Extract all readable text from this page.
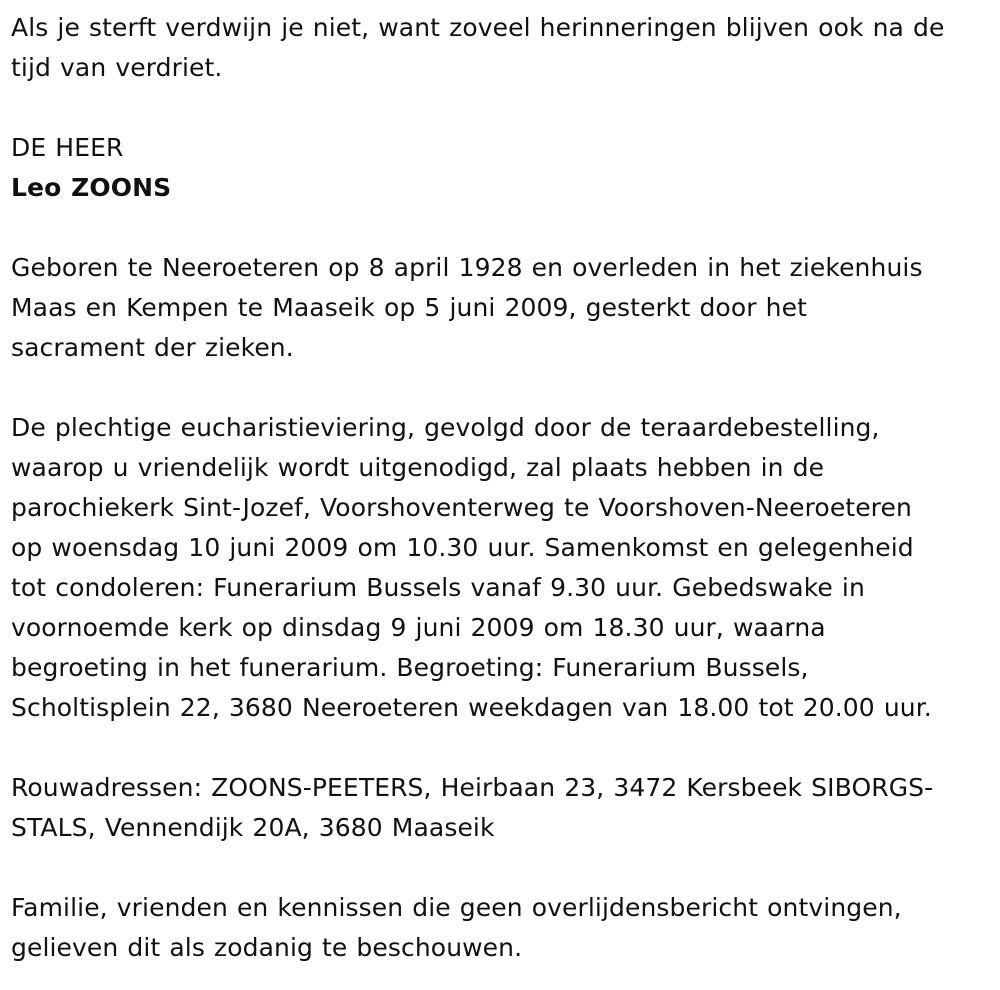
Als je sterft verdwijn je niet, want zoveel herinneringen blijven ook na de
tijd van verdriet.

DE HEER

Leo ZOONS

Geboren te Neeroeteren op 8 april 1928 en overleden in het ziekenhuis
Maas en Kempen te Maaseik op 5 juni 2009, gesterkt door het
sacrament der zieken.

De plechtige eucharistieviering, gevolgd door de teraardebestelling,
waarop u vriendelijk wordt uitgenodigd, zal plaats hebben in de
parochiekerk Sint-Jozef, Voorshoventerweg te Voorshoven-Neeroeteren
op woensdag 10 juni 2009 om 10.30 uur. Samenkomst en gelegenheid
tot condoleren: Funerarium Bussels vanaf 9.30 uur. Gebedswake in
voornoemde kerk op dinsdag 9 juni 2009 om 18.30 uur, waarna
begroeting in het funerarium. Begroeting: Funerarium Bussels,
Scholtisplein 22, 3680 Neeroeteren weekdagen van 18.00 tot 20.00 uur.

Rouwadressen: ZOONS-PEETERS, Heirbaan 23, 3472 Kersbeek SIBORGS-
STALS, Vennendijk 20A, 3680 Maaseik

Familie, vrienden en kennissen die geen overlijdensbericht ontvingen,
gelieven dit als zodanig te beschouwen.
